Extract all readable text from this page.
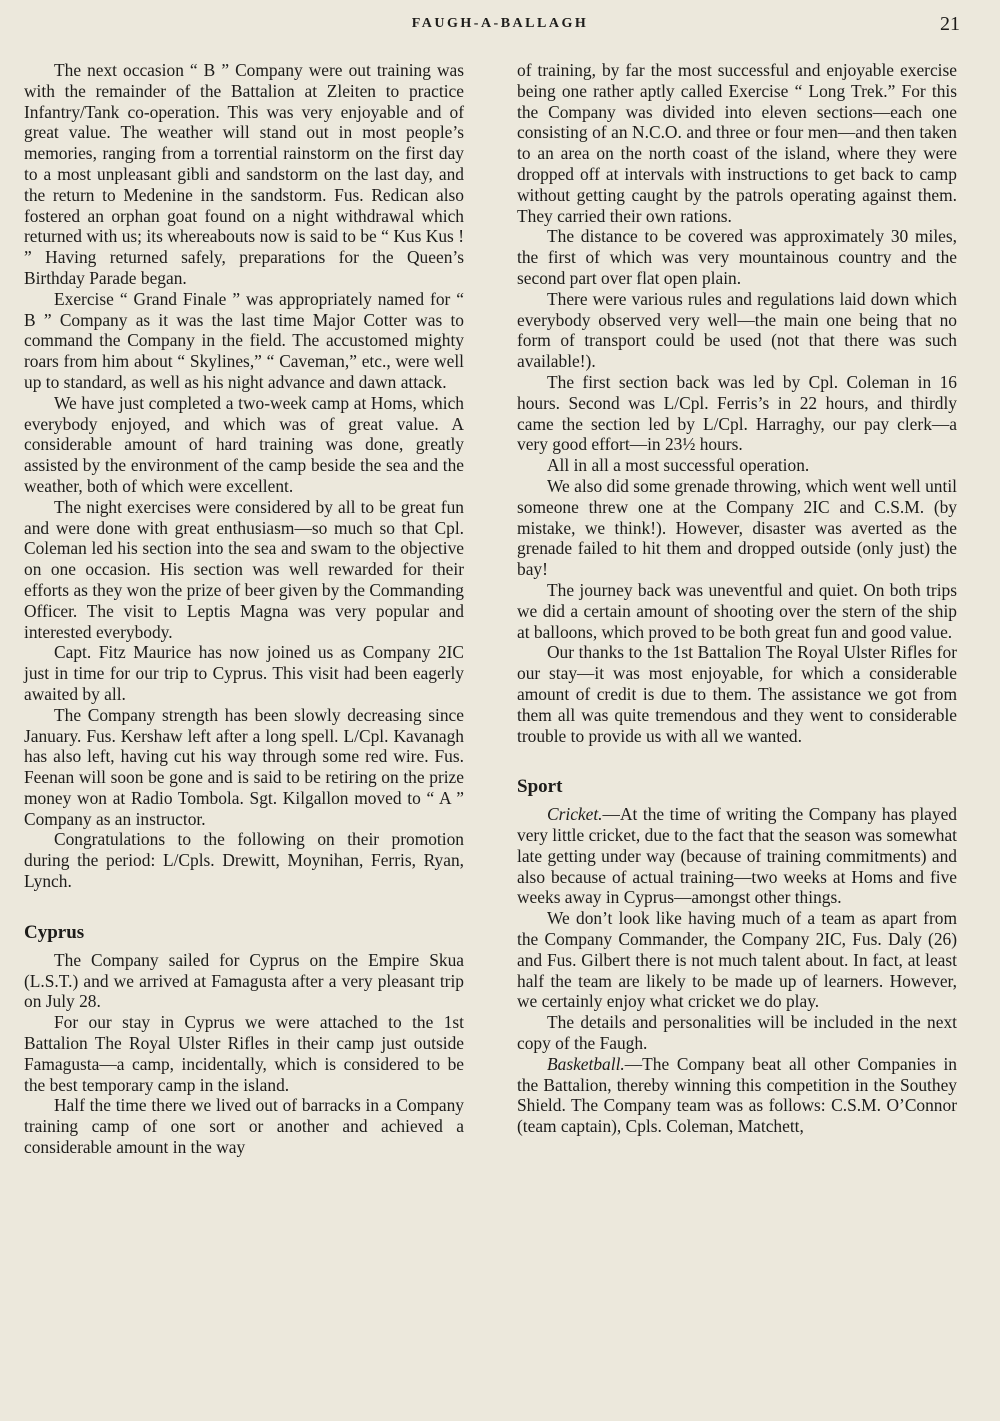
FAUGH-A-BALLAGH	21

The next occasion “ B ” Company were out training was with the remainder of the Battalion at Zleiten to practice Infantry/Tank co-operation. This was very enjoyable and of great value. The weather will stand out in most people’s memories, ranging from a torrential rainstorm on the first day to a most unpleasant gibli and sandstorm on the last day, and the return to Medenine in the sandstorm. Fus. Redican also fostered an orphan goat found on a night withdrawal which returned with us; its whereabouts now is said to be “ Kus Kus ! ” Having returned safely, preparations for the Queen’s Birthday Parade began.

Exercise “ Grand Finale ” was appropriately named for “ B ” Company as it was the last time Major Cotter was to command the Company in the field. The accustomed mighty roars from him about “ Skylines,” “ Caveman,” etc., were well up to standard, as well as his night advance and dawn attack.

We have just completed a two-week camp at Homs, which everybody enjoyed, and which was of great value. A considerable amount of hard training was done, greatly assisted by the environment of the camp beside the sea and the weather, both of which were excellent.

The night exercises were considered by all to be great fun and were done with great enthusiasm—so much so that Cpl. Coleman led his section into the sea and swam to the objective on one occasion. His section was well rewarded for their efforts as they won the prize of beer given by the Commanding Officer. The visit to Leptis Magna was very popular and interested everybody.

Capt. Fitz Maurice has now joined us as Company 2IC just in time for our trip to Cyprus. This visit had been eagerly awaited by all.

The Company strength has been slowly decreasing since January. Fus. Kershaw left after a long spell. L/Cpl. Kavanagh has also left, having cut his way through some red wire. Fus. Feenan will soon be gone and is said to be retiring on the prize money won at Radio Tombola. Sgt. Kilgallon moved to “ A ” Company as an instructor.

Congratulations to the following on their promotion during the period: L/Cpls. Drewitt, Moynihan, Ferris, Ryan, Lynch.

Cyprus

The Company sailed for Cyprus on the Empire Skua (L.S.T.) and we arrived at Famagusta after a very pleasant trip on July 28.

For our stay in Cyprus we were attached to the 1st Battalion The Royal Ulster Rifles in their camp just outside Famagusta—a camp, incidentally, which is considered to be the best temporary camp in the island.

Half the time there we lived out of barracks in a Company training camp of one sort or another and achieved a considerable amount in the way

of training, by far the most successful and enjoyable exercise being one rather aptly called Exercise “ Long Trek.” For this the Company was divided into eleven sections—each one consisting of an N.C.O. and three or four men—and then taken to an area on the north coast of the island, where they were dropped off at intervals with instructions to get back to camp without getting caught by the patrols operating against them. They carried their own rations.

The distance to be covered was approximately 30 miles, the first of which was very mountainous country and the second part over flat open plain.

There were various rules and regulations laid down which everybody observed very well—the main one being that no form of transport could be used (not that there was such available!).

The first section back was led by Cpl. Coleman in 16 hours. Second was L/Cpl. Ferris’s in 22 hours, and thirdly came the section led by L/Cpl. Harraghy, our pay clerk—a very good effort—in 23½ hours.

All in all a most successful operation.

We also did some grenade throwing, which went well until someone threw one at the Company 2IC and C.S.M. (by mistake, we think!). However, disaster was averted as the grenade failed to hit them and dropped outside (only just) the bay!

The journey back was uneventful and quiet. On both trips we did a certain amount of shooting over the stern of the ship at balloons, which proved to be both great fun and good value.

Our thanks to the 1st Battalion The Royal Ulster Rifles for our stay—it was most enjoyable, for which a considerable amount of credit is due to them. The assistance we got from them all was quite tremendous and they went to considerable trouble to provide us with all we wanted.

Sport

Cricket.—At the time of writing the Company has played very little cricket, due to the fact that the season was somewhat late getting under way (because of training commitments) and also because of actual training—two weeks at Homs and five weeks away in Cyprus—amongst other things.

We don’t look like having much of a team as apart from the Company Commander, the Company 2IC, Fus. Daly (26) and Fus. Gilbert there is not much talent about. In fact, at least half the team are likely to be made up of learners. However, we certainly enjoy what cricket we do play.

The details and personalities will be included in the next copy of the Faugh.

Basketball.—The Company beat all other Companies in the Battalion, thereby winning this competition in the Southey Shield. The Company team was as follows: C.S.M. O’Connor (team captain), Cpls. Coleman, Matchett,
